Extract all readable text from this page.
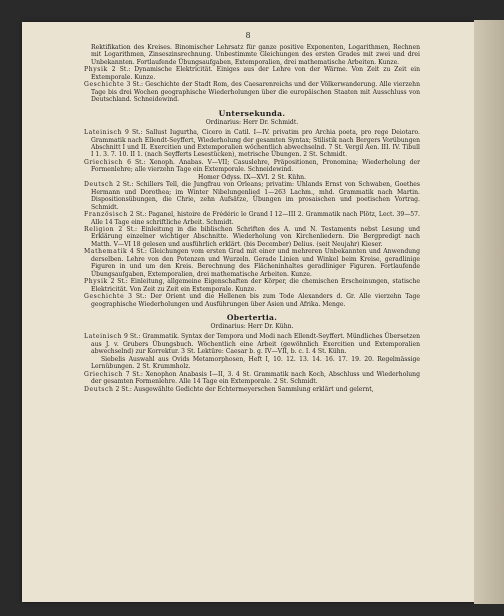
8

Rektifikation des Kreises. Binomischer Lehrsatz für ganze positive Exponenten, Logarithmen, Rechnen mit Logarithmen, Zinseszinsrechnung. Unbestimmte Gleichungen des ersten Grades mit zwei und drei Unbekannten. Fortlaufende Übungsaufgaben, Extemporalien, drei mathematische Arbeiten. Kunze.

Physik 2 St.: Dynamische Elektricität. Einiges aus der Lehre von der Wärme. Von Zeit zu Zeit ein Extemporale. Kunze.

Geschichte 3 St.: Geschichte der Stadt Rom, des Caesarenreichs und der Völkerwanderung. Alle vierzehn Tage bis drei Wochen geographische Wiederholungen über die europäischen Staaten mit Ausschluss von Deutschland. Schneidewind.

Untersekunda.

Ordinarius: Herr Dr. Schmidt.

Lateinisch 9 St.: Sallust Iugurtha, Cicero in Catil. I—IV. privatim pro Archia poeta, pro rege Deiotaro. Grammatik nach Ellendt-Seyffert, Wiederholung der gesamten Syntax; Stilistik nach Bergers Vorübungen Abschnitt I und II. Exercitien und Extemporalien wöchentlich abwechselnd. 7 St. Vergil Aen. III. IV. Tibull I 1. 3. 7. 10. II 1. (nach Seyfferts Lesestücken), metrische Übungen. 2 St. Schmidt.

Griechisch 6 St.: Xenoph. Anabas. V—VII; Casuslehre, Präpositionen, Pronomina; Wiederholung der Formenlehre; alle vierzehn Tage ein Extemporale. Schneidewind.

Homer Odyss. IX—XVI. 2 St. Kühn.

Deutsch 2 St.: Schillers Tell, die Jungfrau von Orleans; privatim: Uhlands Ernst von Schwaben, Goethes Hermann und Dorothea; im Winter Nibelungenlied 1—263 Lachm., mhd. Grammatik nach Martin. Dispositionsübungen, die Chrie, zehn Aufsätze, Übungen im prosaischen und poetischen Vortrag. Schmidt.

Französisch 2 St.: Paganel, histoire de Frédéric le Grand I 12—III 2. Grammatik nach Plötz, Lect. 39—57. Alle 14 Tage eine schriftliche Arbeit. Schmidt.

Religion 2 St.: Einleitung in die biblischen Schriften des A. und N. Testaments nebst Lesung und Erklärung einzelner wichtiger Abschnitte. Wiederholung von Kirchenliedern. Die Bergpredigt nach Matth. V—VI 18 gelesen und ausführlich erklärt. (bis December) Delius. (seit Neujahr) Kieser.

Mathematik 4 St.: Gleichungen vom ersten Grad mit einer und mehreren Unbekannten und Anwendung derselben. Lehre von den Potenzen und Wurzeln. Gerade Linien und Winkel beim Kreise, geradlinige Figuren in und um den Kreis. Berechnung des Flächeninhaltes geradliniger Figuren. Fortlaufende Übungsaufgaben, Extemporalien, drei mathematische Arbeiten. Kunze.

Physik 2 St.: Einleitung, allgemeine Eigenschaften der Körper, die chemischen Erscheinungen, statische Elektricität. Von Zeit zu Zeit ein Extemporale. Kunze.

Geschichte 3 St.: Der Orient und die Hellenen bis zum Tode Alexanders d. Gr. Alle vierzehn Tage geographische Wiederholungen und Ausführungen über Asien und Afrika. Menge.

Obertertia.

Ordinarius: Herr Dr. Kühn.

Lateinisch 9 St.: Grammatik. Syntax der Tempora und Modi nach Ellendt-Seyffert. Mündliches Übersetzen aus J. v. Grubers Übungsbuch. Wöchentlich eine Arbeit (gewöhnlich Exercitien und Extemporalien abwechselnd) zur Korrektur. 3 St. Lektüre: Caesar b. g. IV—VII, b. c. I. 4 St. Kühn.

Siebelis Auswahl aus Ovids Metamorphosen, Heft I, 10. 12. 13. 14. 16. 17. 19. 20. Regelmässige Lernübungen. 2 St. Krummholz.

Griechisch 7 St.: Xenophon Anabasis I—II, 3. 4 St. Grammatik nach Koch, Abschluss und Wiederholung der gesamten Formenlehre. Alle 14 Tage ein Extemporale. 2 St. Schmidt.

Deutsch 2 St.: Ausgewählte Gedichte der Echtermeyerschen Sammlung erklärt und gelernt,
